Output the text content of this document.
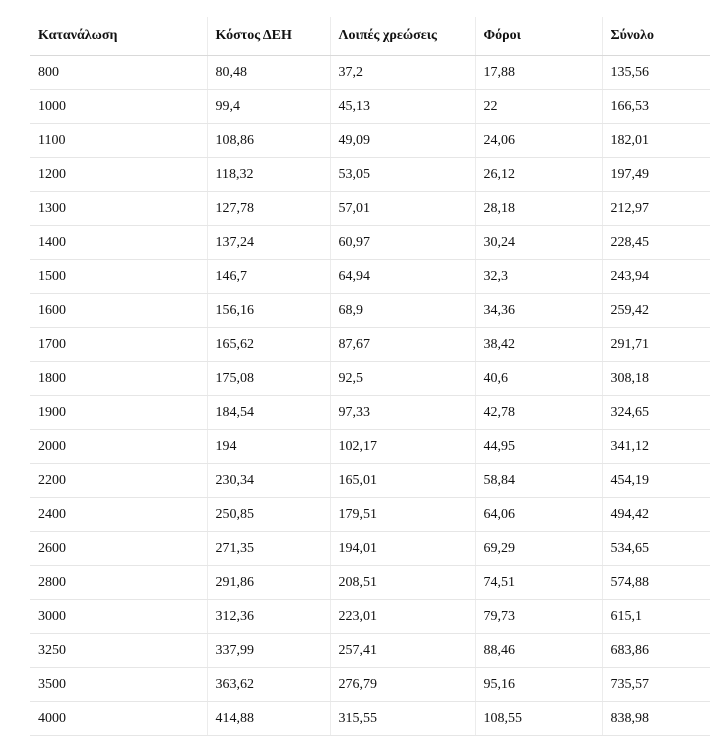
Κατανάλωση	Κόστος ΔΕΗ	Λοιπές χρεώσεις	Φόροι	Σύνολο
800	80,48	37,2	17,88	135,56
1000	99,4	45,13	22	166,53
1100	108,86	49,09	24,06	182,01
1200	118,32	53,05	26,12	197,49
1300	127,78	57,01	28,18	212,97
1400	137,24	60,97	30,24	228,45
1500	146,7	64,94	32,3	243,94
1600	156,16	68,9	34,36	259,42
1700	165,62	87,67	38,42	291,71
1800	175,08	92,5	40,6	308,18
1900	184,54	97,33	42,78	324,65
2000	194	102,17	44,95	341,12
2200	230,34	165,01	58,84	454,19
2400	250,85	179,51	64,06	494,42
2600	271,35	194,01	69,29	534,65
2800	291,86	208,51	74,51	574,88
3000	312,36	223,01	79,73	615,1
3250	337,99	257,41	88,46	683,86
3500	363,62	276,79	95,16	735,57
4000	414,88	315,55	108,55	838,98
